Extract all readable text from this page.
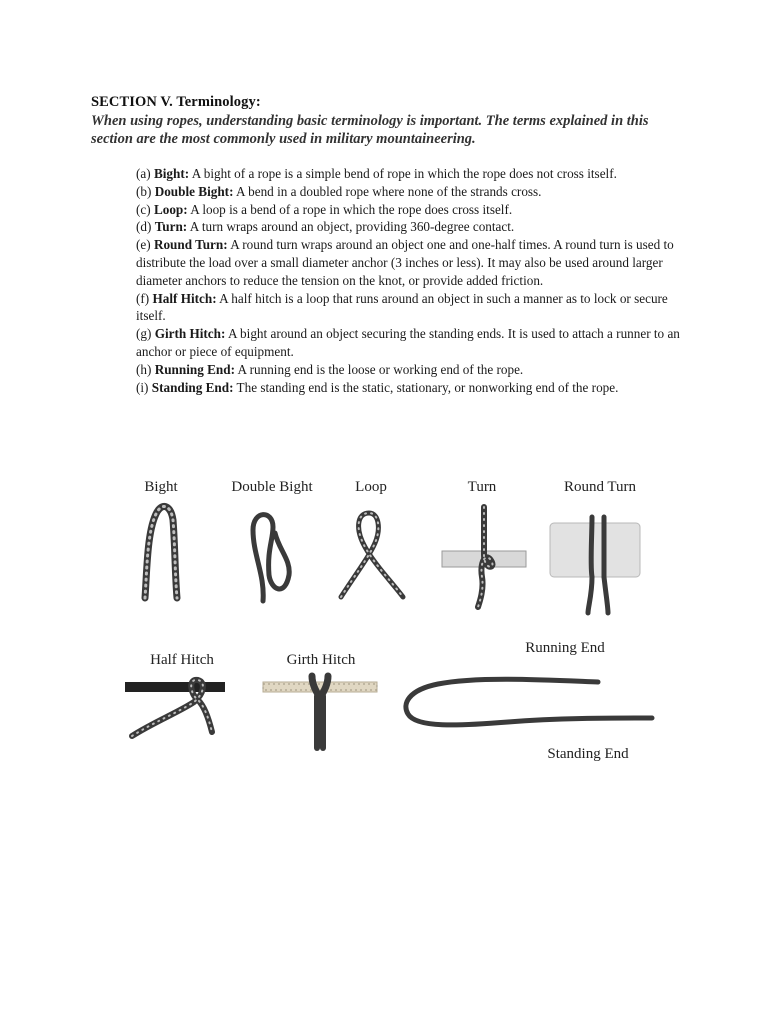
SECTION V. Terminology:
When using ropes, understanding basic terminology is important. The terms explained in this section are the most commonly used in military mountaineering.

(a) Bight: A bight of a rope is a simple bend of rope in which the rope does not cross itself.

(b) Double Bight: A bend in a doubled rope where none of the strands cross.

(c) Loop: A loop is a bend of a rope in which the rope does cross itself.

(d) Turn: A turn wraps around an object, providing 360-degree contact.

(e) Round Turn: A round turn wraps around an object one and one-half times. A round turn is used to distribute the load over a small diameter anchor (3 inches or less). It may also be used around larger diameter anchors to reduce the tension on the knot, or provide added friction.

(f) Half Hitch: A half hitch is a loop that runs around an object in such a manner as to lock or secure itself.

(g) Girth Hitch: A bight around an object securing the standing ends. It is used to attach a runner to an anchor or piece of equipment.

(h) Running End: A running end is the loose or working end of the rope.

(i) Standing End: The standing end is the static, stationary, or nonworking end of the rope.

Bight	Double Bight	Loop	Turn	Round Turn
Half Hitch	Girth Hitch
Running End
Standing End
